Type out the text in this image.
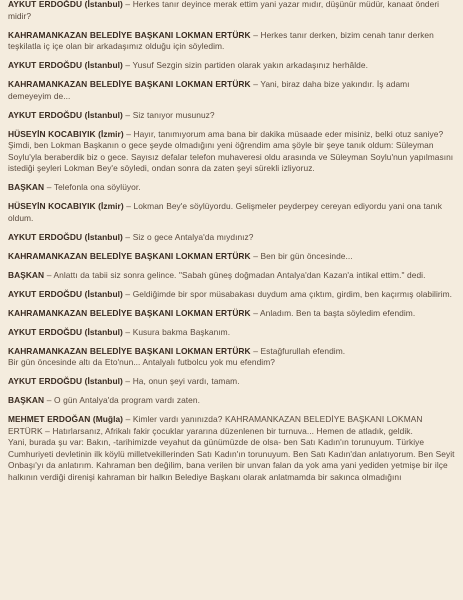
AYKUT ERDOĞDU (İstanbul) – Herkes tanır deyince merak ettim yani yazar mıdır, düşünür müdür, kanaat önderi midir?

KAHRAMANKAZAN BELEDİYE BAŞKANI LOKMAN ERTÜRK – Herkes tanır derken, bizim cenah tanır derken teşkilatla iç içe olan bir arkadaşımız olduğu için söyledim.

AYKUT ERDOĞDU (İstanbul) – Yusuf Sezgin sizin partiden olarak yakın arkadaşınız herhâlde.

KAHRAMANKAZAN BELEDİYE BAŞKANI LOKMAN ERTÜRK – Yani, biraz daha bize yakındır. İş adamı demeyeyim de...

AYKUT ERDOĞDU (İstanbul) – Siz tanıyor musunuz?

HÜSEYİN KOCABIYIK (İzmir) – Hayır, tanımıyorum ama bana bir dakika müsaade eder misiniz, belki otuz saniye?
Şimdi, ben Lokman Başkanın o gece şeyde olmadığını yeni öğrendim ama şöyle bir şeye tanık oldum: Süleyman Soylu'yla beraberdik biz o gece. Sayısız defalar telefon muhaveresi oldu arasında ve Süleyman Soylu'nun yapılmasını istediği şeyleri Lokman Bey'e söyledi, ondan sonra da zaten şeyi sürekli izliyoruz.

BAŞKAN – Telefonla ona söylüyor.

HÜSEYİN KOCABIYIK (İzmir) – Lokman Bey'e söylüyordu. Gelişmeler peyderpey cereyan ediyordu yani ona tanık oldum.

AYKUT ERDOĞDU (İstanbul) – Siz o gece Antalya'da mıydınız?

KAHRAMANKAZAN BELEDİYE BAŞKANI LOKMAN ERTÜRK – Ben bir gün öncesinde...

BAŞKAN – Anlattı da tabii siz sonra gelince. "Sabah güneş doğmadan Antalya'dan Kazan'a intikal ettim." dedi.

AYKUT ERDOĞDU (İstanbul) – Geldiğimde bir spor müsabakası duydum ama çıktım, girdim, ben kaçırmış olabilirim.

KAHRAMANKAZAN BELEDİYE BAŞKANI LOKMAN ERTÜRK – Anladım. Ben ta başta söyledim efendim.

AYKUT ERDOĞDU (İstanbul) – Kusura bakma Başkanım.

KAHRAMANKAZAN BELEDİYE BAŞKANI LOKMAN ERTÜRK – Estağfurullah efendim.
Bir gün öncesinde altı da Eto'nun... Antalyalı futbolcu yok mu efendim?

AYKUT ERDOĞDU (İstanbul) – Ha, onun şeyi vardı, tamam.

BAŞKAN – O gün Antalya'da program vardı zaten.

MEHMET ERDOĞAN (Muğla) – Kimler vardı yanınızda? KAHRAMANKAZAN BELEDİYE BAŞKANI LOKMAN ERTÜRK – Hatırlarsanız, Afrikalı fakir çocuklar yararına düzenlenen bir turnuva... Hemen de atladık, geldik.
Yani, burada şu var: Bakın, -tarihimizde veyahut da günümüzde de olsa- ben Satı Kadın'ın torunuyum. Türkiye Cumhuriyeti devletinin ilk köylü milletvekillerinden Satı Kadın'ın torunuyum. Ben Satı Kadın'dan anlatıyorum. Ben Seyit Onbaşı'yı da anlatırım. Kahraman ben değilim, bana verilen bir unvan falan da yok ama yani yediden yetmişe bir ilçe halkının verdiği direnişi kahraman bir halkın Belediye Başkanı olarak anlatmamda bir sakınca olmadığını
